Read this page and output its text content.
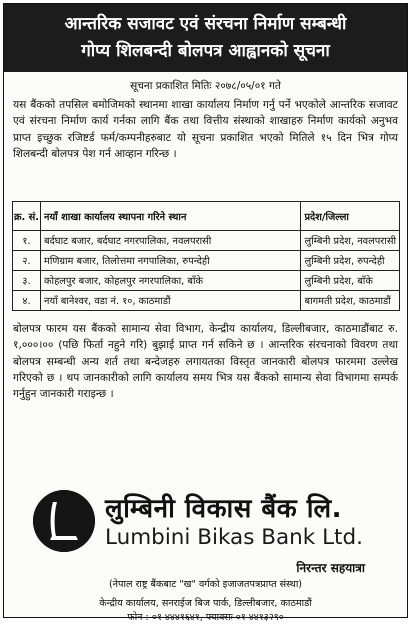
आन्तरिक सजावट एवं संरचना निर्माण सम्बन्धी
गोप्य शिलबन्दी बोलपत्र आह्वानको सूचना
सूचना प्रकाशित मितिः २०७८/०५/०१ गते
यस बैंकको तपसिल बमोजिमको स्थानमा शाखा कार्यालय निर्माण गर्नु पर्ने भएकोले आन्तरिक सजावट एवं संरचना निर्माण कार्य गर्नका लागि बैंक तथा वित्तीय संस्थाको शाखाहरु निर्माण कार्यको अनुभव प्राप्त इच्छुक रजिष्टर्ड फर्म/कम्पनीहरुबाट यो सूचना प्रकाशित भएको मितिले १५ दिन भित्र गोप्य शिलबन्दी बोलपत्र पेश गर्न आव्हान गरिन्छ ।
क्र. सं.	नयाँ शाखा कार्यालय स्थापना गरिने स्थान	प्रदेश/जिल्ला
१.	बर्दघाट बजार, बर्दघाट नगरपालिका, नवलपरासी	लुम्बिनी प्रदेश, नवलपरासी
२.	मणिग्राम बजार, तिलोत्तमा नगपालिका, रुपन्देही	लुम्बिनी प्रदेश, रुपन्देही
३.	कोहलपुर बजार, कोहलपुर नगरपालिका, बाँके	लुम्बिनी प्रदेश, बाँके
४.	नयाँ बानेश्वर, वडा नं. १०, काठमाडौं	बागमती प्रदेश, काठमाडौं
बोलपत्र फारम यस बैंकको सामान्य सेवा विभाग, केन्द्रीय कार्यालय, डिल्लीबजार, काठमाडौंबाट रु. १,०००।०० (पछि फिर्ता नहुने गरि) बुझाई प्राप्त गर्न सकिने छ । आन्तरिक संरचनाको विवरण तथा बोलपत्र सम्बन्धी अन्य शर्त तथा बन्देजहरु लगायतका विस्तृत जानकारी बोलपत्र फारममा उल्लेख गरिएको छ । थप जानकारीको लागि कार्यालय समय भित्र यस बैंकको सामान्य सेवा विभागमा सम्पर्क गर्नुहुन जानकारी गराइन्छ ।
लुम्बिनी विकास बैंक लि.
Lumbini Bikas Bank Ltd.
निरन्तर सहयात्रा
(नेपाल राष्ट्र बैंकबाट "ख" वर्गको इजाजतपत्रप्राप्त संस्था)
केन्द्रीय कार्यालय, सनराईज बिज पार्क, डिल्लीबजार, काठमाडौं
फोन : ०१ ४४४१६४१, फ्याक्सः ०१ ४४१३२९०
